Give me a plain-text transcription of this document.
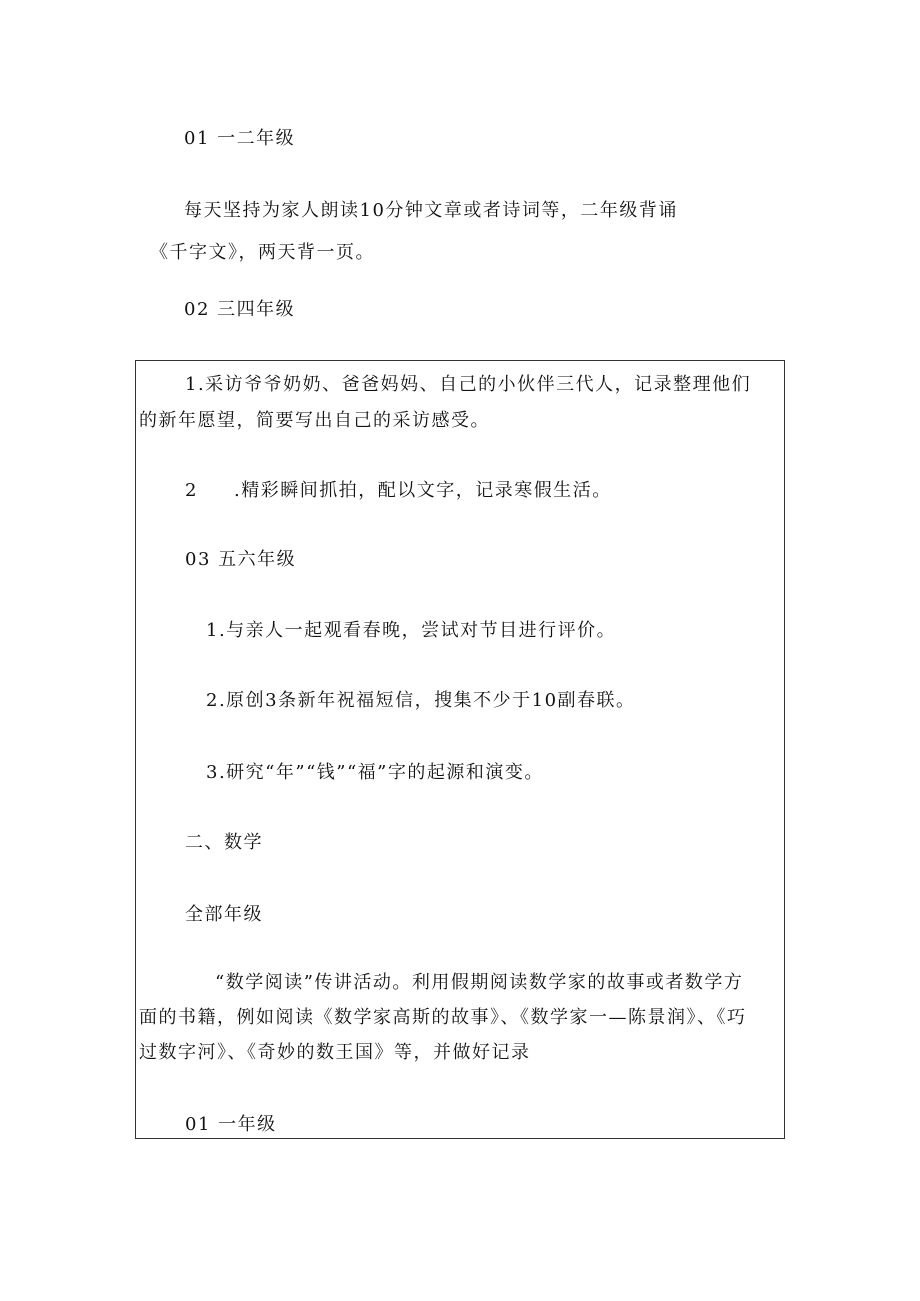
01 一二年级

每天坚持为家人朗读10分钟文章或者诗词等，二年级背诵

《千字文》，两天背一页。

02 三四年级

1.采访爷爷奶奶、爸爸妈妈、自己的小伙伴三代人，记录整理他们
的新年愿望，简要写出自己的采访感受。
2 .精彩瞬间抓拍，配以文字，记录寒假生活。
03 五六年级
1.与亲人一起观看春晚，尝试对节目进行评价。
2.原创3条新年祝福短信，搜集不少于10副春联。
3.研究“年”“钱”“福”字的起源和演变。
二、数学
全部年级
“数学阅读”传讲活动。利用假期阅读数学家的故事或者数学方
面的书籍，例如阅读《数学家高斯的故事》、《数学家一—陈景润》、《巧
过数字河》、《奇妙的数王国》等，并做好记录
01 一年级
